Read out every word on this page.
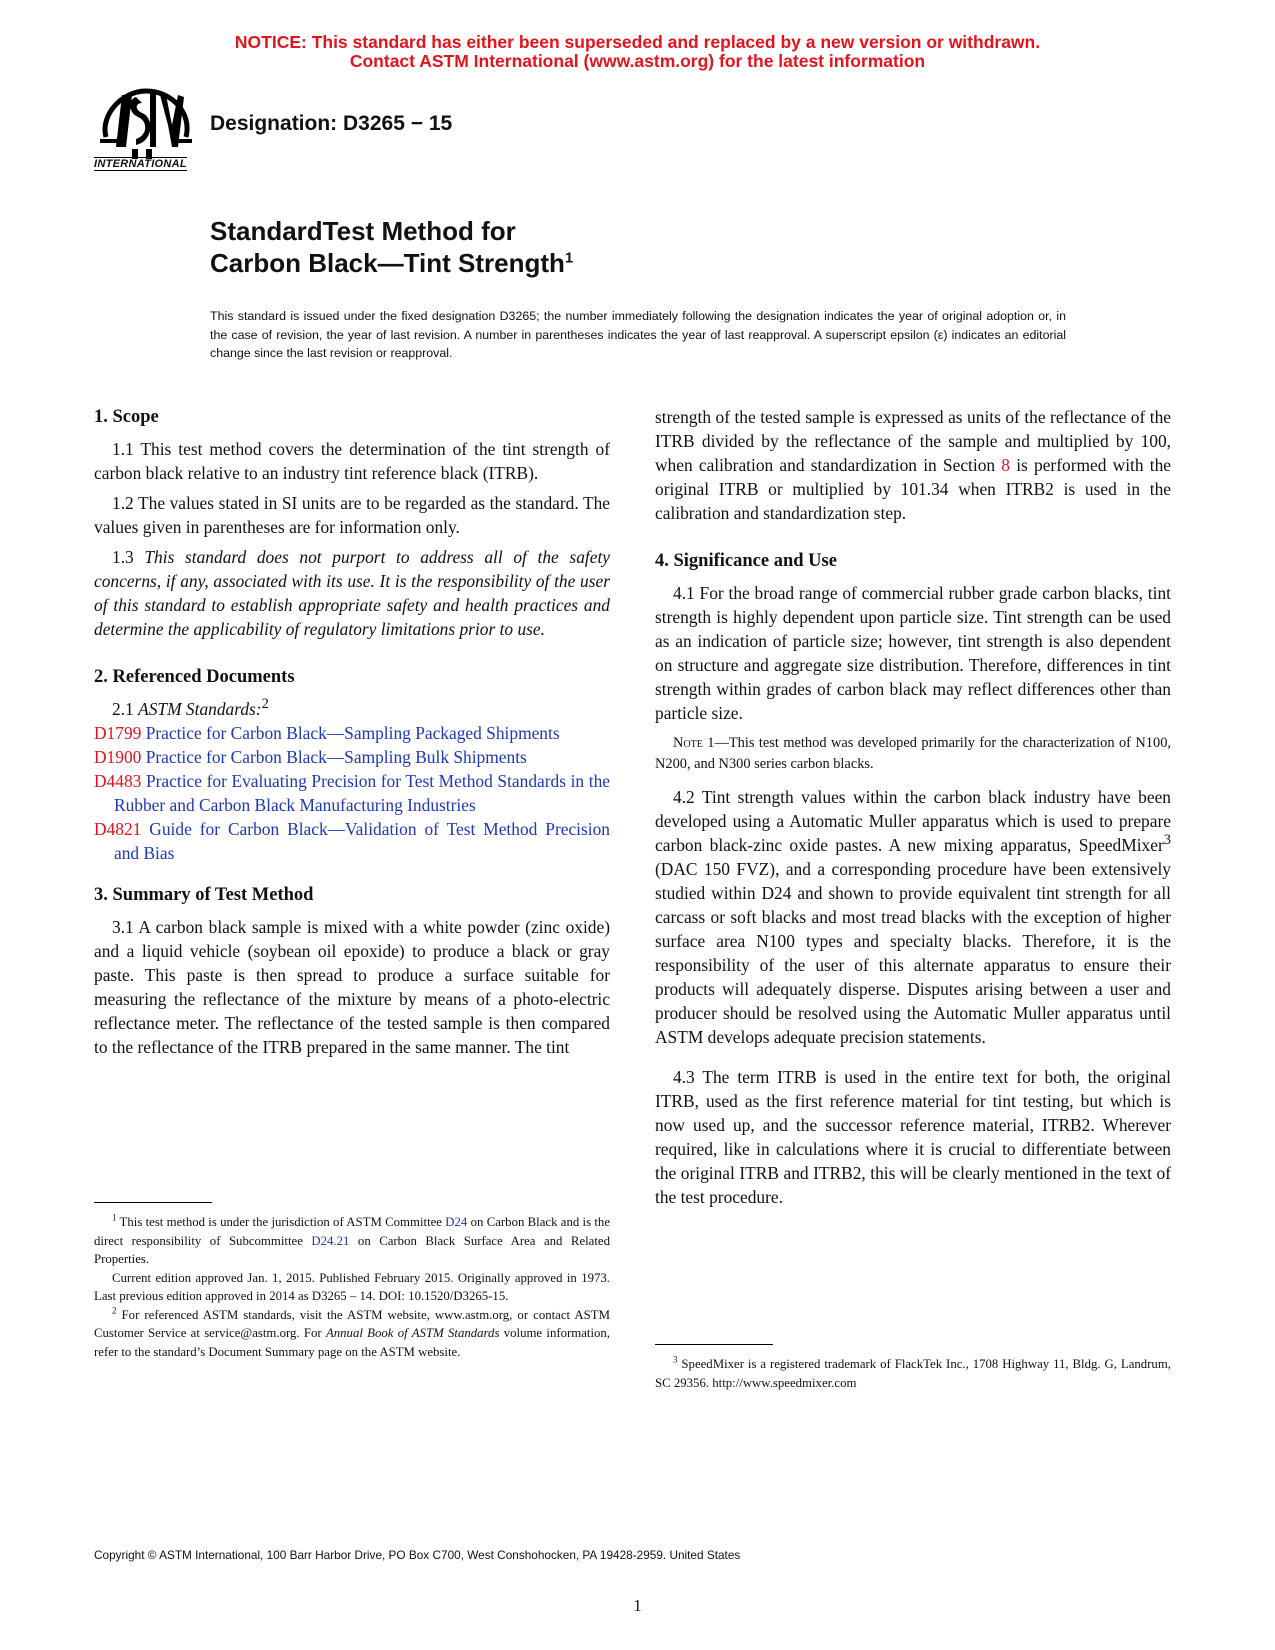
NOTICE: This standard has either been superseded and replaced by a new version or withdrawn.
Contact ASTM International (www.astm.org) for the latest information
INTERNATIONAL
Designation: D3265 − 15
StandardTest Method for
Carbon Black—Tint Strength$^1$
This standard is issued under the fixed designation D3265; the number immediately following the designation indicates the year of original adoption or, in the case of revision, the year of last revision. A number in parentheses indicates the year of last reapproval. A superscript epsilon (ε) indicates an editorial change since the last revision or reapproval.
1. Scope

1.1 This test method covers the determination of the tint strength of carbon black relative to an industry tint reference black (ITRB).

1.2 The values stated in SI units are to be regarded as the standard. The values given in parentheses are for information only.

1.3 This standard does not purport to address all of the safety concerns, if any, associated with its use. It is the responsibility of the user of this standard to establish appropriate safety and health practices and determine the applicability of regulatory limitations prior to use.

2. Referenced Documents

2.1 ASTM Standards:$^2$

D1799 Practice for Carbon Black—Sampling Packaged Shipments
D1900 Practice for Carbon Black—Sampling Bulk Shipments
D4483 Practice for Evaluating Precision for Test Method Standards in the Rubber and Carbon Black Manufacturing Industries
D4821 Guide for Carbon Black—Validation of Test Method Precision and Bias
3. Summary of Test Method

3.1 A carbon black sample is mixed with a white powder (zinc oxide) and a liquid vehicle (soybean oil epoxide) to produce a black or gray paste. This paste is then spread to produce a surface suitable for measuring the reflectance of the mixture by means of a photo-electric reflectance meter. The reflectance of the tested sample is then compared to the reflectance of the ITRB prepared in the same manner. The tint

$^1$ This test method is under the jurisdiction of ASTM Committee D24 on Carbon Black and is the direct responsibility of Subcommittee D24.21 on Carbon Black Surface Area and Related Properties.

Current edition approved Jan. 1, 2015. Published February 2015. Originally approved in 1973. Last previous edition approved in 2014 as D3265 – 14. DOI: 10.1520/D3265-15.

$^2$ For referenced ASTM standards, visit the ASTM website, www.astm.org, or contact ASTM Customer Service at service@astm.org. For Annual Book of ASTM Standards volume information, refer to the standard’s Document Summary page on the ASTM website.

strength of the tested sample is expressed as units of the reflectance of the ITRB divided by the reflectance of the sample and multiplied by 100, when calibration and standardization in Section 8 is performed with the original ITRB or multiplied by 101.34 when ITRB2 is used in the calibration and standardization step.

4. Significance and Use

4.1 For the broad range of commercial rubber grade carbon blacks, tint strength is highly dependent upon particle size. Tint strength can be used as an indication of particle size; however, tint strength is also dependent on structure and aggregate size distribution. Therefore, differences in tint strength within grades of carbon black may reflect differences other than particle size.

Note 1—This test method was developed primarily for the characterization of N100, N200, and N300 series carbon blacks.

4.2 Tint strength values within the carbon black industry have been developed using a Automatic Muller apparatus which is used to prepare carbon black-zinc oxide pastes. A new mixing apparatus, SpeedMixer$^3$ (DAC 150 FVZ), and a corresponding procedure have been extensively studied within D24 and shown to provide equivalent tint strength for all carcass or soft blacks and most tread blacks with the exception of higher surface area N100 types and specialty blacks. Therefore, it is the responsibility of the user of this alternate apparatus to ensure their products will adequately disperse. Disputes arising between a user and producer should be resolved using the Automatic Muller apparatus until ASTM develops adequate precision statements.

4.3 The term ITRB is used in the entire text for both, the original ITRB, used as the first reference material for tint testing, but which is now used up, and the successor reference material, ITRB2. Wherever required, like in calculations where it is crucial to differentiate between the original ITRB and ITRB2, this will be clearly mentioned in the text of the test procedure.

$^3$ SpeedMixer is a registered trademark of FlackTek Inc., 1708 Highway 11, Bldg. G, Landrum, SC 29356. http://www.speedmixer.com

Copyright © ASTM International, 100 Barr Harbor Drive, PO Box C700, West Conshohocken, PA 19428-2959. United States
1
